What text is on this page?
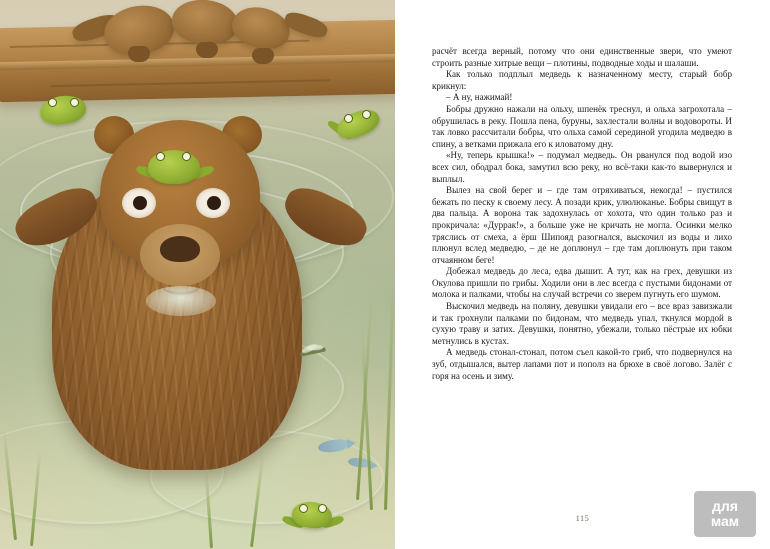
расчёт всегда верный, потому что они единственные звери, что умеют строить разные хитрые вещи – плотины, подводные ходы и шалаши.

Как только подплыл медведь к назначенному месту, старый бобр крикнул:

– А ну, нажимай!

Бобры дружно нажали на ольху, шпенёк треснул, и ольха загрохотала – обрушилась в реку. Пошла пена, буруны, захлестали волны и водовороты. И так ловко рассчитали бобры, что ольха самой серединой угодила медведю в спину, а ветками прижала его к иловатому дну.

«Ну, теперь крышка!» – подумал медведь. Он рванулся под водой изо всех сил, ободрал бока, замутил всю реку, но всё-таки как-то вывернулся и выплыл.

Вылез на свой берег и – где там отряхиваться, некогда! – пустился бежать по песку к своему лесу. А позади крик, улюлюканье. Бобры свищут в два пальца. А ворона так задохнулась от хохота, что один только раз и прокричала: «Дуррак!», а больше уже не кричать не могла. Осинки мелко тряслись от смеха, а ёрш Шипояд разогнался, выскочил из воды и лихо плюнул вслед медведю, – де не доплюнул – где там доплюнуть при таком отчаянном беге!

Добежал медведь до леса, едва дышит. А тут, как на грех, девушки из Окулова пришли по грибы. Ходили они в лес всегда с пустыми бидонами от молока и палками, чтобы на случай встречи со зверем пугнуть его шумом.

Выскочил медведь на поляну, девушки увидали его – все враз завизжали и так грохнули палками по бидонам, что медведь упал, ткнулся мордой в сухую траву и затих. Девушки, понятно, убежали, только пёстрые их юбки метнулись в кустах.

А медведь стонал-стонал, потом съел какой-то гриб, что подвернулся на зуб, отдышался, вытер лапами пот и пополз на брюхе в своё логово. Залёг с горя на осень и зиму.

115
для
мам
